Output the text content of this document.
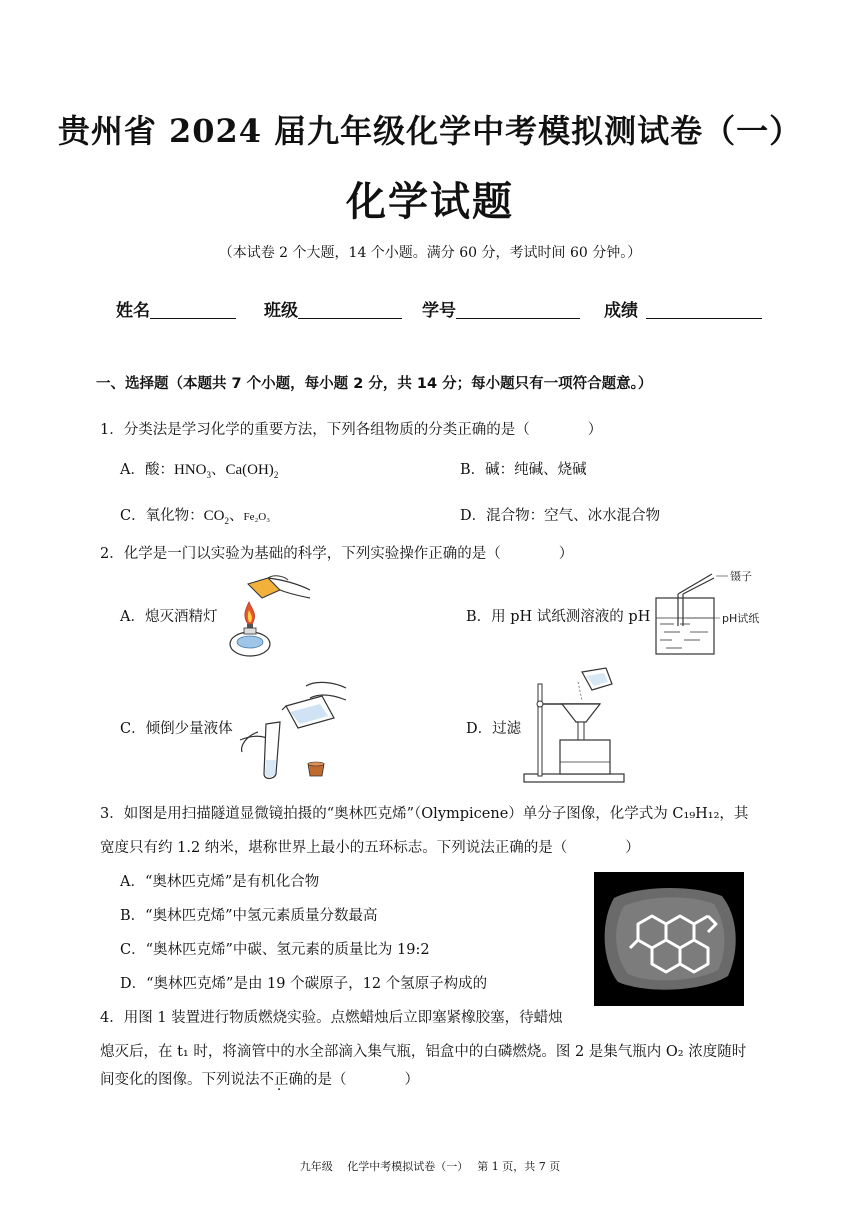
贵州省 2024 届九年级化学中考模拟测试卷（一）
化学试题
（本试卷 2 个大题，14 个小题。满分 60 分，考试时间 60 分钟。）
姓名	班级	学号	成绩
一、选择题（本题共 7 个小题，每小题 2 分，共 14 分；每小题只有一项符合题意。）
1．分类法是学习化学的重要方法，下列各组物质的分类正确的是（　　　　）
A．酸：$HNO_3$、$Ca(OH)_2$	B．碱：纯碱、烧碱
C．氧化物：$CO_2$、Fe₂O₃	D．混合物：空气、冰水混合物
2．化学是一门以实验为基础的科学，下列实验操作正确的是（　　　　）
A．熄灭酒精灯	B．用 pH 试纸测溶液的 pH
镊子
pH试纸
C．倾倒少量液体	D．过滤
3．如图是用扫描隧道显微镜拍摄的“奥林匹克烯”（Olympicene）单分子图像，化学式为 C₁₉H₁₂，其
宽度只有约 1.2 纳米，堪称世界上最小的五环标志。下列说法正确的是（　　　　）
A．“奥林匹克烯”是有机化合物
B．“奥林匹克烯”中氢元素质量分数最高
C．“奥林匹克烯”中碳、氢元素的质量比为 19:2
D．“奥林匹克烯”是由 19 个碳原子，12 个氢原子构成的
4．用图 1 装置进行物质燃烧实验。点燃蜡烛后立即塞紧橡胶塞，待蜡烛
熄灭后，在 t₁ 时，将滴管中的水全部滴入集气瓶，铝盒中的白磷燃烧。图 2 是集气瓶内 O₂ 浓度随时
间变化的图像。下列说法不正确的是（　　　　）
九年级　 化学中考模拟试卷（一）　 第 1 页，共 7 页
